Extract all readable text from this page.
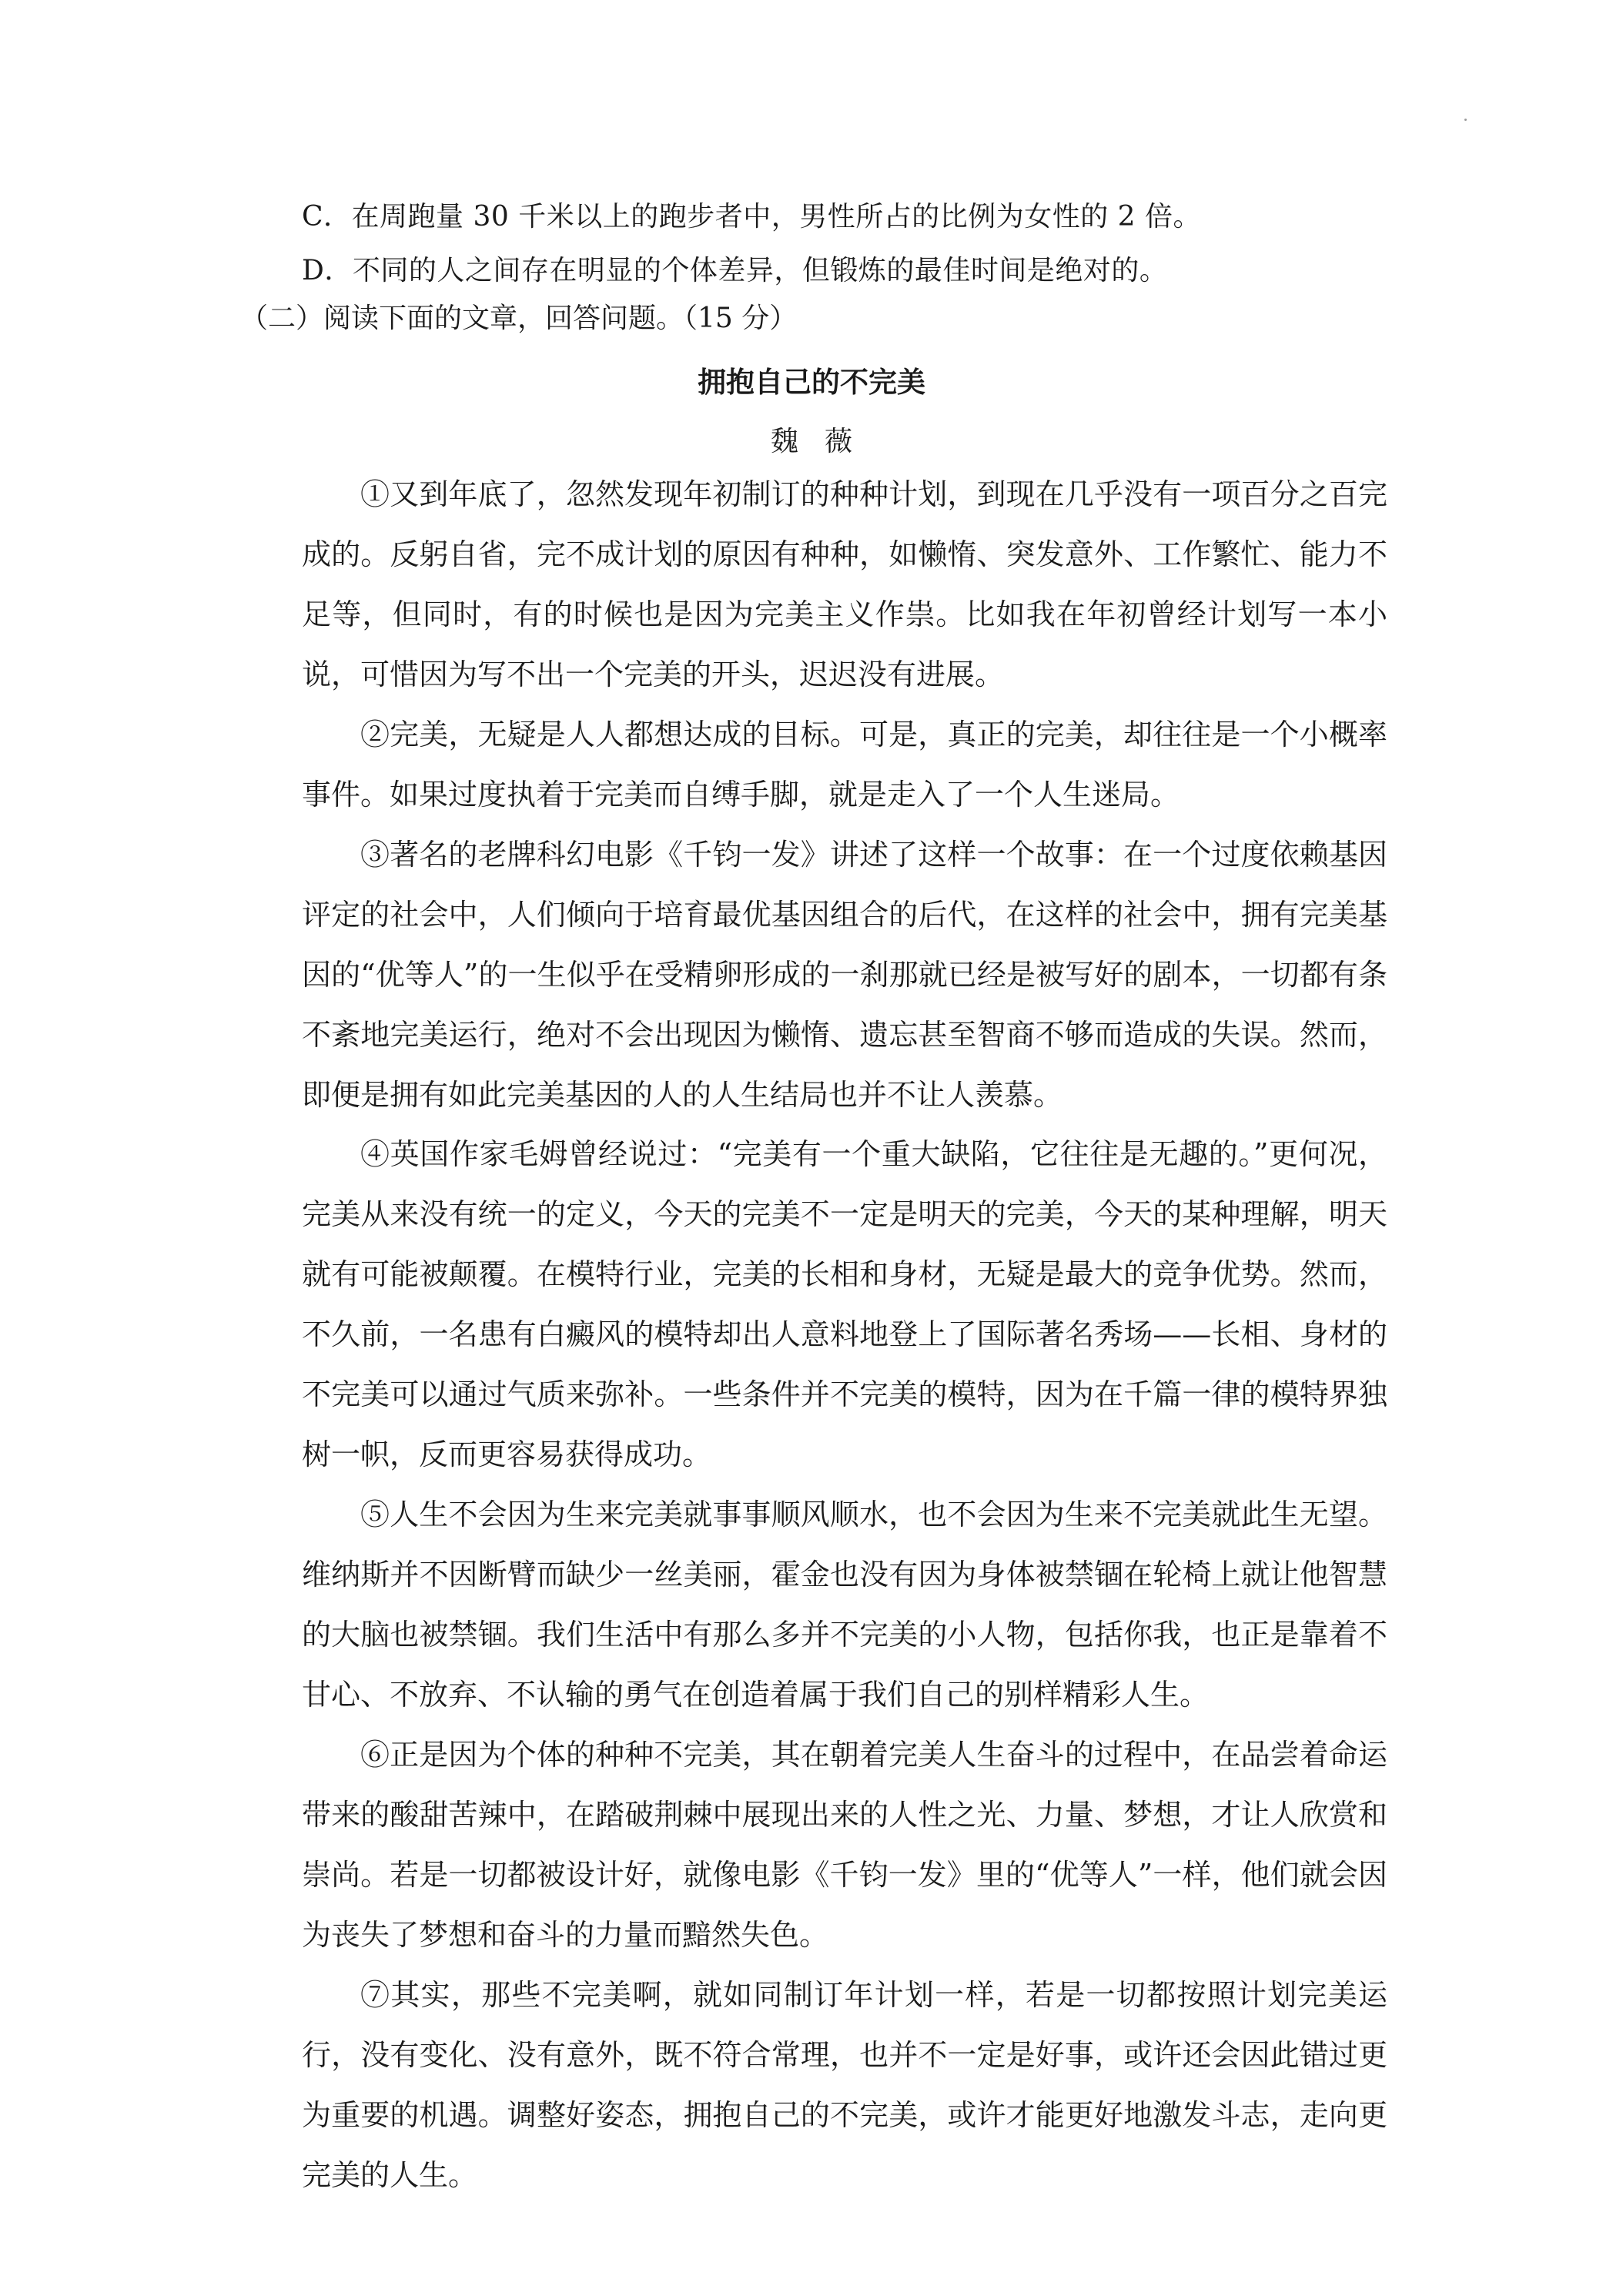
C．在周跑量 30 千米以上的跑步者中，男性所占的比例为女性的 2 倍。
D．不同的人之间存在明显的个体差异，但锻炼的最佳时间是绝对的。
（二）阅读下面的文章，回答问题。（15 分）
拥抱自己的不完美
魏薇

①又到年底了，忽然发现年初制订的种种计划，到现在几乎没有一项百分之百完成的。反躬自省，完不成计划的原因有种种，如懒惰、突发意外、工作繁忙、能力不足等，但同时，有的时候也是因为完美主义作祟。比如我在年初曾经计划写一本小说，可惜因为写不出一个完美的开头，迟迟没有进展。

②完美，无疑是人人都想达成的目标。可是，真正的完美，却往往是一个小概率事件。如果过度执着于完美而自缚手脚，就是走入了一个人生迷局。

③著名的老牌科幻电影《千钧一发》讲述了这样一个故事：在一个过度依赖基因评定的社会中，人们倾向于培育最优基因组合的后代，在这样的社会中，拥有完美基因的“优等人”的一生似乎在受精卵形成的一刹那就已经是被写好的剧本，一切都有条不紊地完美运行，绝对不会出现因为懒惰、遗忘甚至智商不够而造成的失误。然而，即便是拥有如此完美基因的人的人生结局也并不让人羡慕。

④英国作家毛姆曾经说过：“完美有一个重大缺陷，它往往是无趣的。”更何况，完美从来没有统一的定义，今天的完美不一定是明天的完美，今天的某种理解，明天就有可能被颠覆。在模特行业，完美的长相和身材，无疑是最大的竞争优势。然而，不久前，一名患有白癜风的模特却出人意料地登上了国际著名秀场——长相、身材的不完美可以通过气质来弥补。一些条件并不完美的模特，因为在千篇一律的模特界独树一帜，反而更容易获得成功。

⑤人生不会因为生来完美就事事顺风顺水，也不会因为生来不完美就此生无望。维纳斯并不因断臂而缺少一丝美丽，霍金也没有因为身体被禁锢在轮椅上就让他智慧的大脑也被禁锢。我们生活中有那么多并不完美的小人物，包括你我，也正是靠着不甘心、不放弃、不认输的勇气在创造着属于我们自己的别样精彩人生。

⑥正是因为个体的种种不完美，其在朝着完美人生奋斗的过程中，在品尝着命运带来的酸甜苦辣中，在踏破荆棘中展现出来的人性之光、力量、梦想，才让人欣赏和崇尚。若是一切都被设计好，就像电影《千钧一发》里的“优等人”一样，他们就会因为丧失了梦想和奋斗的力量而黯然失色。

⑦其实，那些不完美啊，就如同制订年计划一样，若是一切都按照计划完美运行，没有变化、没有意外，既不符合常理，也并不一定是好事，或许还会因此错过更为重要的机遇。调整好姿态，拥抱自己的不完美，或许才能更好地激发斗志，走向更完美的人生。
